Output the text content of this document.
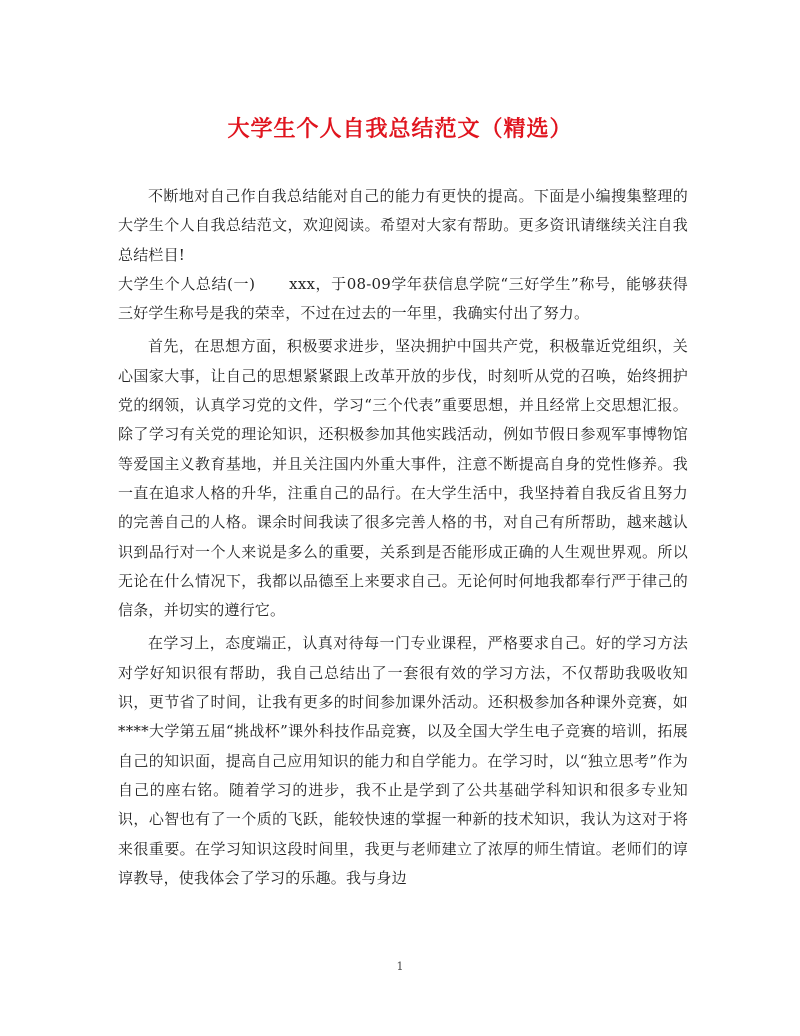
大学生个人自我总结范文（精选）

不断地对自己作自我总结能对自己的能力有更快的提高。下面是小编搜集整理的大学生个人自我总结范文，欢迎阅读。希望对大家有帮助。更多资讯请继续关注自我总结栏目!

大学生个人总结(一) xxx，于08-09学年获信息学院“三好学生”称号，能够获得三好学生称号是我的荣幸，不过在过去的一年里，我确实付出了努力。

首先，在思想方面，积极要求进步，坚决拥护中国共产党，积极靠近党组织，关心国家大事，让自己的思想紧紧跟上改革开放的步伐，时刻听从党的召唤，始终拥护党的纲领，认真学习党的文件，学习“三个代表”重要思想，并且经常上交思想汇报。除了学习有关党的理论知识，还积极参加其他实践活动，例如节假日参观军事博物馆等爱国主义教育基地，并且关注国内外重大事件，注意不断提高自身的党性修养。我一直在追求人格的升华，注重自己的品行。在大学生活中，我坚持着自我反省且努力的完善自己的人格。课余时间我读了很多完善人格的书，对自己有所帮助，越来越认识到品行对一个人来说是多么的重要，关系到是否能形成正确的人生观世界观。所以无论在什么情况下，我都以品德至上来要求自己。无论何时何地我都奉行严于律己的信条，并切实的遵行它。

在学习上，态度端正，认真对待每一门专业课程，严格要求自己。好的学习方法对学好知识很有帮助，我自己总结出了一套很有效的学习方法，不仅帮助我吸收知识，更节省了时间，让我有更多的时间参加课外活动。还积极参加各种课外竞赛，如****大学第五届“挑战杯”课外科技作品竞赛，以及全国大学生电子竞赛的培训，拓展自己的知识面，提高自己应用知识的能力和自学能力。在学习时，以“独立思考”作为自己的座右铭。随着学习的进步，我不止是学到了公共基础学科知识和很多专业知识，心智也有了一个质的飞跃，能较快速的掌握一种新的技术知识，我认为这对于将来很重要。在学习知识这段时间里，我更与老师建立了浓厚的师生情谊。老师们的谆谆教导，使我体会了学习的乐趣。我与身边

1
